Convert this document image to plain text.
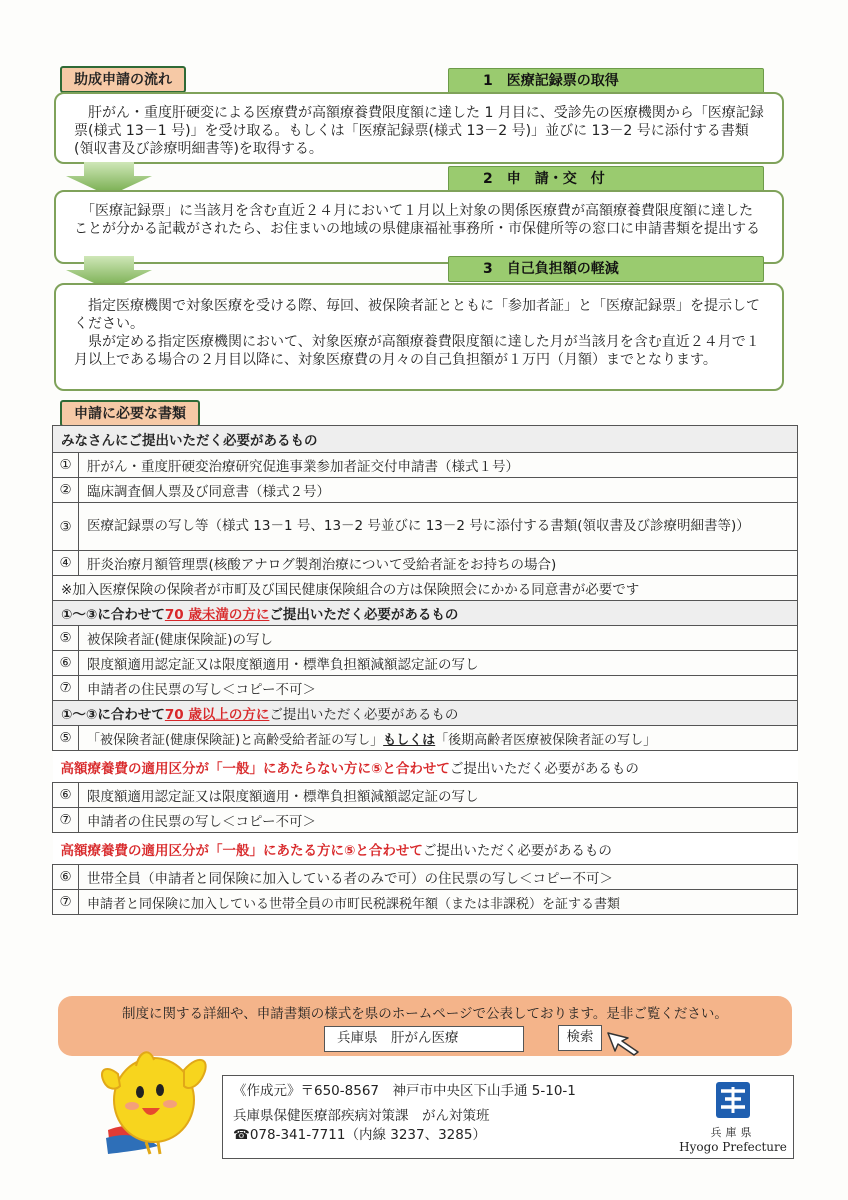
助成申請の流れ	1　医療記録票の取得

　肝がん・重度肝硬変による医療費が高額療養費限度額に達した 1 月目に、受診先の医療機関から「医療記録票(様式 13－1 号)」を受け取る。もしくは「医療記録票(様式 13－2 号)」並びに 13－2 号に添付する書類(領収書及び診療明細書等)を取得する。

2　申　請・交　付

　「医療記録票」に当該月を含む直近２４月において１月以上対象の関係医療費が高額療養費限度額に達したことが分かる記載がされたら、お住まいの地域の県健康福祉事務所・市保健所等の窓口に申請書類を提出する

3　自己負担額の軽減

　指定医療機関で対象医療を受ける際、毎回、被保険者証とともに「参加者証」と「医療記録票」を提示してください。

　県が定める指定医療機関において、対象医療が高額療養費限度額に達した月が当該月を含む直近２４月で１月以上である場合の２月目以降に、対象医療費の月々の自己負担額が１万円（月額）までとなります。

申請に必要な書類
みなさんにご提出いただく必要があるもの	
①	肝がん・重度肝硬変治療研究促進事業参加者証交付申請書（様式１号）
②	臨床調査個人票及び同意書（様式２号）
③	医療記録票の写し等（様式 13－1 号、13－2 号並びに 13－2 号に添付する書類(領収書及び診療明細書等)）
④	肝炎治療月額管理票(核酸アナログ製剤治療について受給者証をお持ちの場合)
※加入医療保険の保険者が市町及び国民健康保険組合の方は保険照会にかかる同意書が必要です	
①～③に合わせて70 歳未満の方にご提出いただく必要があるもの	
⑤	被保険者証(健康保険証)の写し
⑥	限度額適用認定証又は限度額適用・標準負担額減額認定証の写し
⑦	申請者の住民票の写し＜コピー不可＞
①～③に合わせて70 歳以上の方にご提出いただく必要があるもの	
⑤	「被保険者証(健康保険証)と高齢受給者証の写し」もしくは「後期高齢者医療被保険者証の写し」
高額療養費の適用区分が「一般」にあたらない方に⑤と合わせてご提出いただく必要があるもの	
⑥	限度額適用認定証又は限度額適用・標準負担額減額認定証の写し
⑦	申請者の住民票の写し＜コピー不可＞
高額療養費の適用区分が「一般」にあたる方に⑤と合わせてご提出いただく必要があるもの	
⑥	世帯全員（申請者と同保険に加入している者のみで可）の住民票の写し＜コピー不可＞
⑦	申請者と同保険に加入している世帯全員の市町民税課税年額（または非課税）を証する書類
制度に関する詳細や、申請書類の様式を県のホームページで公表しております。是非ご覧ください。
兵庫県　肝がん医療	検索
《作成元》〒650-8567　神戸市中央区下山手通 5-10-1
兵庫県保健医療部疾病対策課　がん対策班
☎078-341-7711（内線 3237、3285）	兵庫県
Hyogo Prefecture
